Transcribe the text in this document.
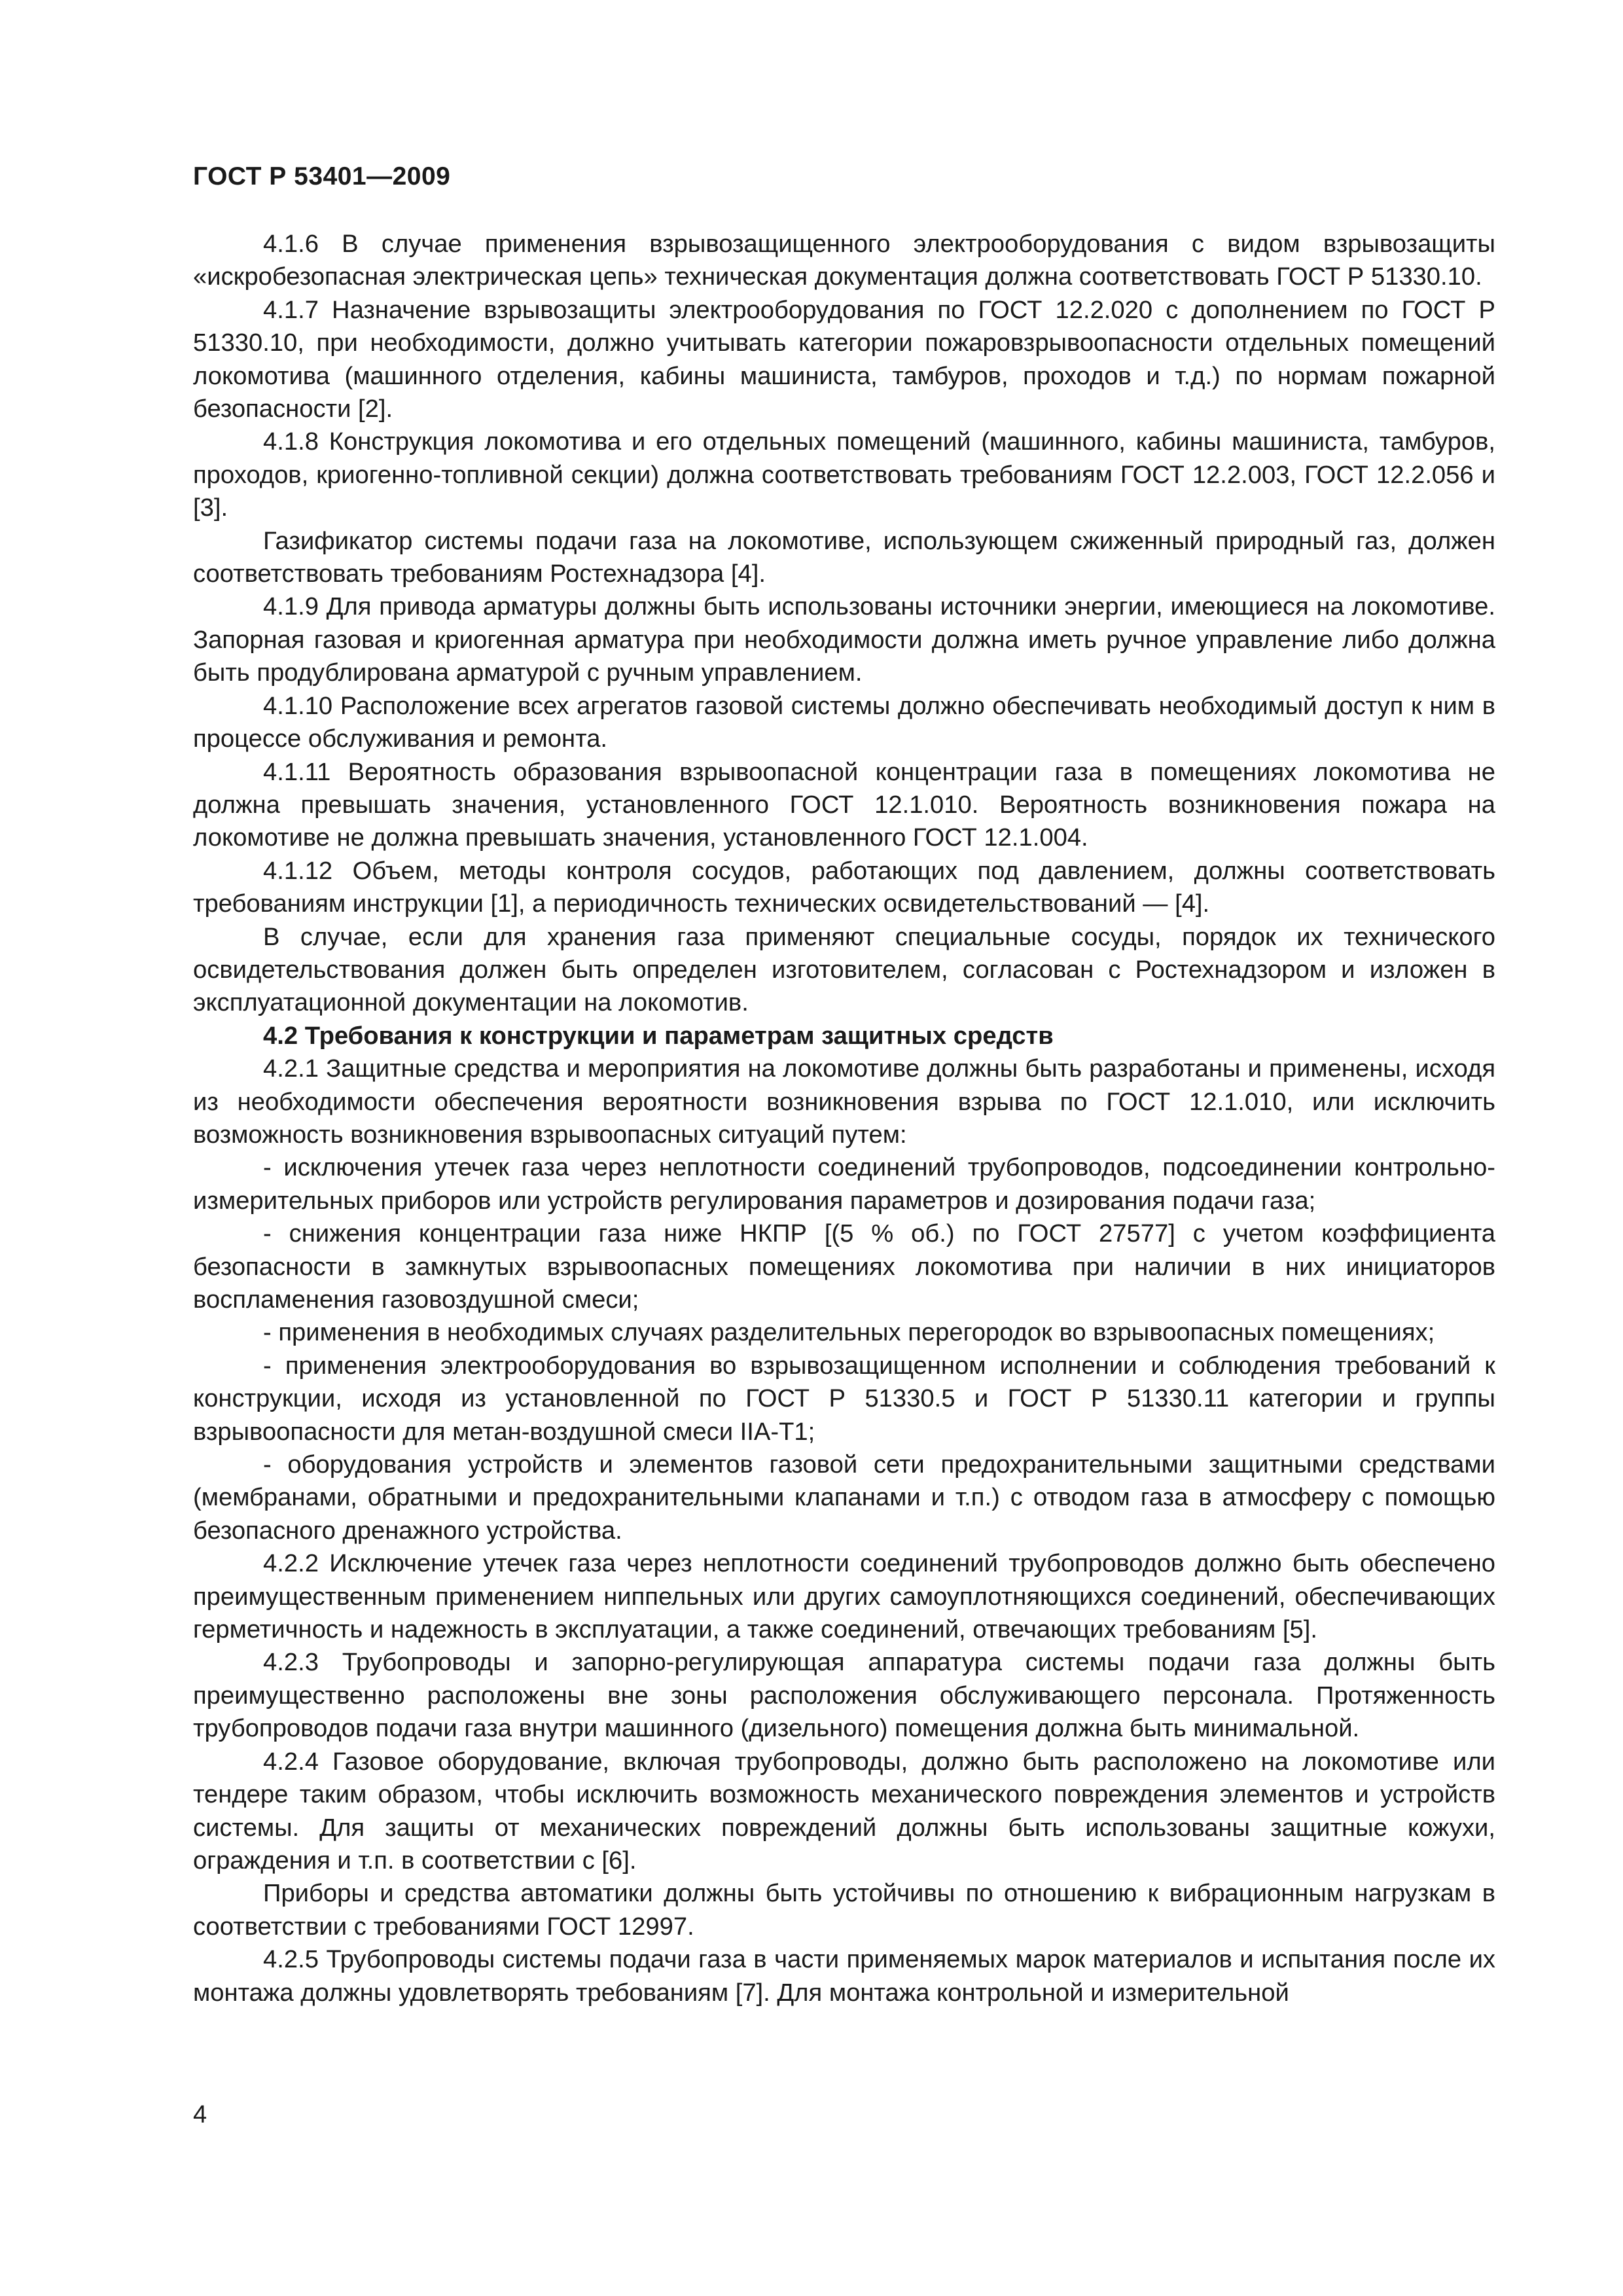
ГОСТ Р 53401—2009

4.1.6 В случае применения взрывозащищенного электрооборудования с видом взрывозащиты «искробезопасная электрическая цепь» техническая документация должна соответствовать ГОСТ Р 51330.10.

4.1.7 Назначение взрывозащиты электрооборудования по ГОСТ 12.2.020 с дополнением по ГОСТ Р 51330.10, при необходимости, должно учитывать категории пожаровзрывоопасности отдельных помещений локомотива (машинного отделения, кабины машиниста, тамбуров, проходов и т.д.) по нормам пожарной безопасности [2].

4.1.8 Конструкция локомотива и его отдельных помещений (машинного, кабины машиниста, тамбуров, проходов, криогенно-топливной секции) должна соответствовать требованиям ГОСТ 12.2.003, ГОСТ 12.2.056 и [3].

Газификатор системы подачи газа на локомотиве, использующем сжиженный природный газ, должен соответствовать требованиям Ростехнадзора [4].

4.1.9 Для привода арматуры должны быть использованы источники энергии, имеющиеся на локомотиве. Запорная газовая и криогенная арматура при необходимости должна иметь ручное управление либо должна быть продублирована арматурой с ручным управлением.

4.1.10 Расположение всех агрегатов газовой системы должно обеспечивать необходимый доступ к ним в процессе обслуживания и ремонта.

4.1.11 Вероятность образования взрывоопасной концентрации газа в помещениях локомотива не должна превышать значения, установленного ГОСТ 12.1.010. Вероятность возникновения пожара на локомотиве не должна превышать значения, установленного ГОСТ 12.1.004.

4.1.12 Объем, методы контроля сосудов, работающих под давлением, должны соответствовать требованиям инструкции [1], а периодичность технических освидетельствований — [4].

В случае, если для хранения газа применяют специальные сосуды, порядок их технического освидетельствования должен быть определен изготовителем, согласован с Ростехнадзором и изложен в эксплуатационной документации на локомотив.

4.2 Требования к конструкции и параметрам защитных средств

4.2.1 Защитные средства и мероприятия на локомотиве должны быть разработаны и применены, исходя из необходимости обеспечения вероятности возникновения взрыва по ГОСТ 12.1.010, или исключить возможность возникновения взрывоопасных ситуаций путем:

- исключения утечек газа через неплотности соединений трубопроводов, подсоединении контрольно-измерительных приборов или устройств регулирования параметров и дозирования подачи газа;

- снижения концентрации газа ниже НКПР [(5 % об.) по ГОСТ 27577] с учетом коэффициента безопасности в замкнутых взрывоопасных помещениях локомотива при наличии в них инициаторов воспламенения газовоздушной смеси;

- применения в необходимых случаях разделительных перегородок во взрывоопасных помещениях;

- применения электрооборудования во взрывозащищенном исполнении и соблюдения требований к конструкции, исходя из установленной по ГОСТ Р 51330.5 и ГОСТ Р 51330.11 категории и группы взрывоопасности для метан-воздушной смеси IIA-T1;

- оборудования устройств и элементов газовой сети предохранительными защитными средствами (мембранами, обратными и предохранительными клапанами и т.п.) с отводом газа в атмосферу с помощью безопасного дренажного устройства.

4.2.2 Исключение утечек газа через неплотности соединений трубопроводов должно быть обеспечено преимущественным применением ниппельных или других самоуплотняющихся соединений, обеспечивающих герметичность и надежность в эксплуатации, а также соединений, отвечающих требованиям [5].

4.2.3 Трубопроводы и запорно-регулирующая аппаратура системы подачи газа должны быть преимущественно расположены вне зоны расположения обслуживающего персонала. Протяженность трубопроводов подачи газа внутри машинного (дизельного) помещения должна быть минимальной.

4.2.4 Газовое оборудование, включая трубопроводы, должно быть расположено на локомотиве или тендере таким образом, чтобы исключить возможность механического повреждения элементов и устройств системы. Для защиты от механических повреждений должны быть использованы защитные кожухи, ограждения и т.п. в соответствии с [6].

Приборы и средства автоматики должны быть устойчивы по отношению к вибрационным нагрузкам в соответствии с требованиями ГОСТ 12997.

4.2.5 Трубопроводы системы подачи газа в части применяемых марок материалов и испытания после их монтажа должны удовлетворять требованиям [7]. Для монтажа контрольной и измерительной

4
